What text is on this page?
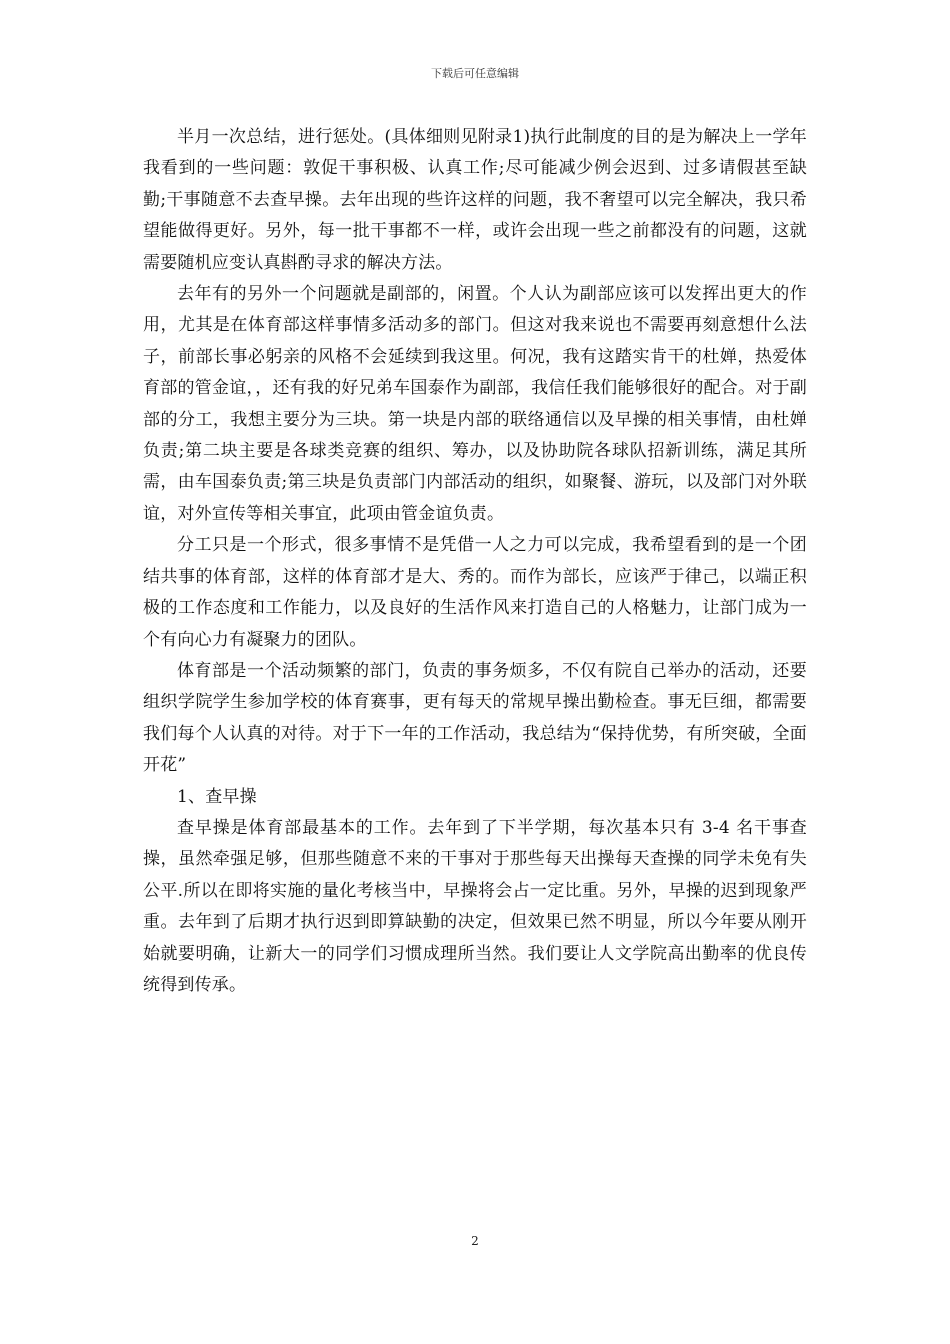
下载后可任意编辑

半月一次总结，进行惩处。(具体细则见附录1)执行此制度的目的是为解决上一学年我看到的一些问题：敦促干事积极、认真工作;尽可能减少例会迟到、过多请假甚至缺勤;干事随意不去查早操。去年出现的些许这样的问题，我不奢望可以完全解决，我只希望能做得更好。另外，每一批干事都不一样，或许会出现一些之前都没有的问题，这就需要随机应变认真斟酌寻求的解决方法。

去年有的另外一个问题就是副部的，闲置。个人认为副部应该可以发挥出更大的作用，尤其是在体育部这样事情多活动多的部门。但这对我来说也不需要再刻意想什么法子，前部长事必躬亲的风格不会延续到我这里。何况，我有这踏实肯干的杜婵，热爱体育部的管金谊，，还有我的好兄弟车国泰作为副部，我信任我们能够很好的配合。对于副部的分工，我想主要分为三块。第一块是内部的联络通信以及早操的相关事情，由杜婵负责;第二块主要是各球类竞赛的组织、筹办，以及协助院各球队招新训练，满足其所需，由车国泰负责;第三块是负责部门内部活动的组织，如聚餐、游玩，以及部门对外联谊，对外宣传等相关事宜，此项由管金谊负责。

分工只是一个形式，很多事情不是凭借一人之力可以完成，我希望看到的是一个团结共事的体育部，这样的体育部才是大、秀的。而作为部长，应该严于律己，以端正积极的工作态度和工作能力，以及良好的生活作风来打造自己的人格魅力，让部门成为一个有向心力有凝聚力的团队。

体育部是一个活动频繁的部门，负责的事务烦多，不仅有院自己举办的活动，还要组织学院学生参加学校的体育赛事，更有每天的常规早操出勤检查。事无巨细，都需要我们每个人认真的对待。对于下一年的工作活动，我总结为“保持优势，有所突破，全面开花”

1、查早操

查早操是体育部最基本的工作。去年到了下半学期，每次基本只有 3-4 名干事查操，虽然牵强足够，但那些随意不来的干事对于那些每天出操每天查操的同学未免有失公平.所以在即将实施的量化考核当中，早操将会占一定比重。另外，早操的迟到现象严重。去年到了后期才执行迟到即算缺勤的决定，但效果已然不明显，所以今年要从刚开始就要明确，让新大一的同学们习惯成理所当然。我们要让人文学院高出勤率的优良传统得到传承。

2
